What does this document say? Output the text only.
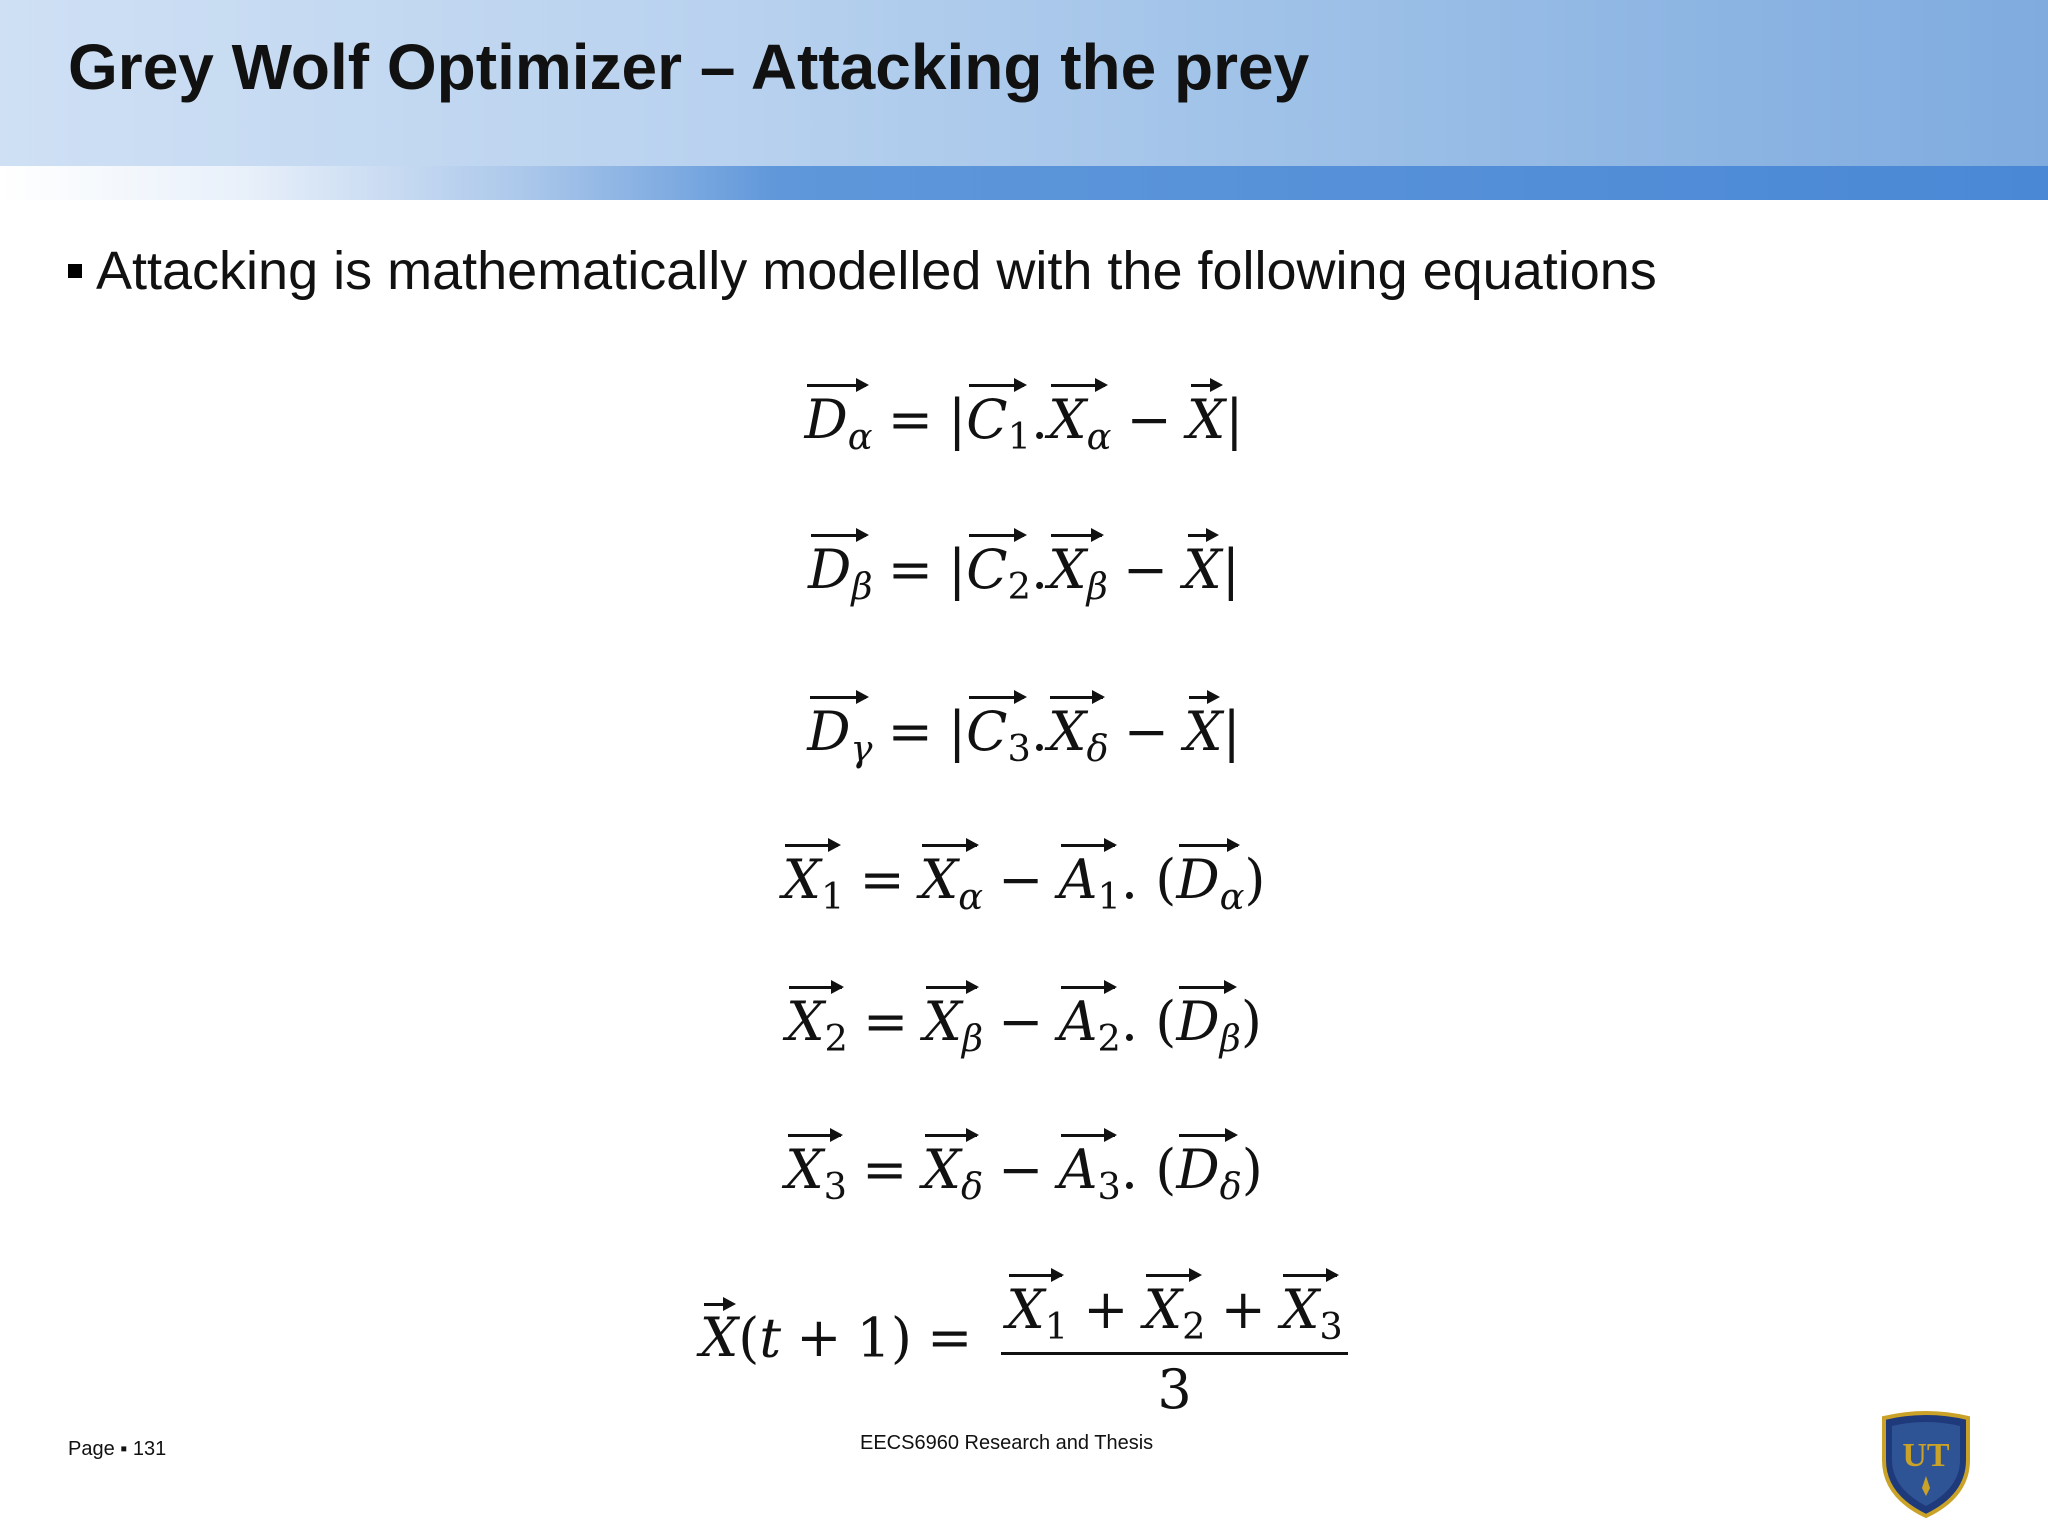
Grey Wolf Optimizer – Attacking the prey
Attacking is mathematically modelled with the following equations
$D_\alpha = |C_1.X_\alpha - X|$
$D_\beta = |C_2.X_\beta - X|$
$D_\gamma = |C_3.X_\delta - X|$
$X_1 = X_\alpha - A_1$. $(D_\alpha)$
$X_2 = X_\beta - A_2$. $(D_\beta)$
$X_3 = X_\delta - A_3$. $(D_\delta)$
$X(t + 1) = \frac{X_1 + X_2 + X_3}{3}$
Page ▪ 131	EECS6960 Research and Thesis	UT
